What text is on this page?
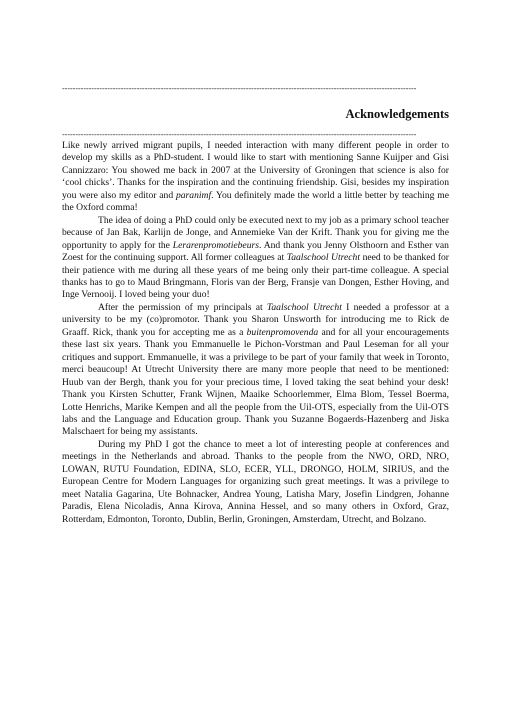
-------------------------------------------------------------------------------------------------------------------------------------
Acknowledgements
-------------------------------------------------------------------------------------------------------------------------------------

Like newly arrived migrant pupils, I needed interaction with many different people in order to develop my skills as a PhD-student. I would like to start with mentioning Sanne Kuijper and Gisi Cannizzaro: You showed me back in 2007 at the University of Groningen that science is also for ‘cool chicks’. Thanks for the inspiration and the continuing friendship. Gisi, besides my inspiration you were also my editor and paranimf. You definitely made the world a little better by teaching me the Oxford comma!

The idea of doing a PhD could only be executed next to my job as a primary school teacher because of Jan Bak, Karlijn de Jonge, and Annemieke Van der Krift. Thank you for giving me the opportunity to apply for the Lerarenpromotiebeurs. And thank you Jenny Olsthoorn and Esther van Zoest for the continuing support. All former colleagues at Taalschool Utrecht need to be thanked for their patience with me during all these years of me being only their part-time colleague. A special thanks has to go to Maud Bringmann, Floris van der Berg, Fransje van Dongen, Esther Hoving, and Inge Vernooij. I loved being your duo!

After the permission of my principals at Taalschool Utrecht I needed a professor at a university to be my (co)promotor. Thank you Sharon Unsworth for introducing me to Rick de Graaff. Rick, thank you for accepting me as a buitenpromovenda and for all your encouragements these last six years. Thank you Emmanuelle le Pichon-Vorstman and Paul Leseman for all your critiques and support. Emmanuelle, it was a privilege to be part of your family that week in Toronto, merci beaucoup! At Utrecht University there are many more people that need to be mentioned: Huub van der Bergh, thank you for your precious time, I loved taking the seat behind your desk! Thank you Kirsten Schutter, Frank Wijnen, Maaike Schoorlemmer, Elma Blom, Tessel Boerma, Lotte Henrichs, Marike Kempen and all the people from the Uil-OTS, especially from the Uil-OTS labs and the Language and Education group. Thank you Suzanne Bogaerds-Hazenberg and Jiska Malschaert for being my assistants.

During my PhD I got the chance to meet a lot of interesting people at conferences and meetings in the Netherlands and abroad. Thanks to the people from the NWO, ORD, NRO, LOWAN, RUTU Foundation, EDINA, SLO, ECER, YLL, DRONGO, HOLM, SIRIUS, and the European Centre for Modern Languages for organizing such great meetings. It was a privilege to meet Natalia Gagarina, Ute Bohnacker, Andrea Young, Latisha Mary, Josefin Lindgren, Johanne Paradis, Elena Nicoladis, Anna Kirova, Annina Hessel, and so many others in Oxford, Graz, Rotterdam, Edmonton, Toronto, Dublin, Berlin, Groningen, Amsterdam, Utrecht, and Bolzano.
